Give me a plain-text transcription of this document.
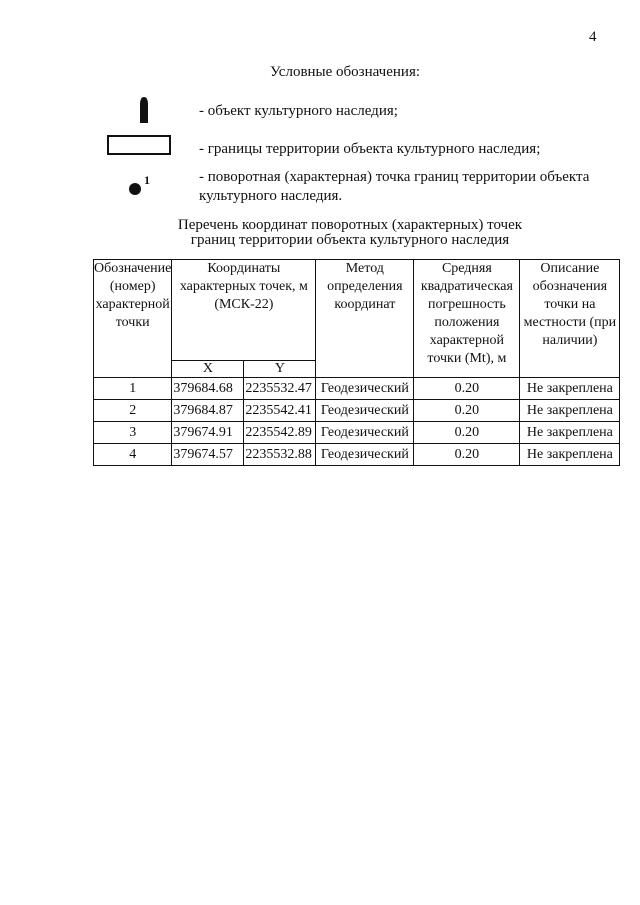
4
Условные обозначения:
- объект культурного наследия;
- границы территории объекта культурного наследия;
1	- поворотная (характерная) точка границ территории объекта культурного наследия.
Перечень координат поворотных (характерных) точек
границ территории объекта культурного наследия
Обозначение (номер) характерной точки	Координаты характерных точек, м (МСК-22)		Метод определения координат	Средняя квадратическая погрешность положения характерной точки (Mt), м	Описание обозначения точки на местности (при наличии)
	X	Y			
1	379684.68	2235532.47	Геодезический	0.20	Не закреплена
2	379684.87	2235542.41	Геодезический	0.20	Не закреплена
3	379674.91	2235542.89	Геодезический	0.20	Не закреплена
4	379674.57	2235532.88	Геодезический	0.20	Не закреплена
